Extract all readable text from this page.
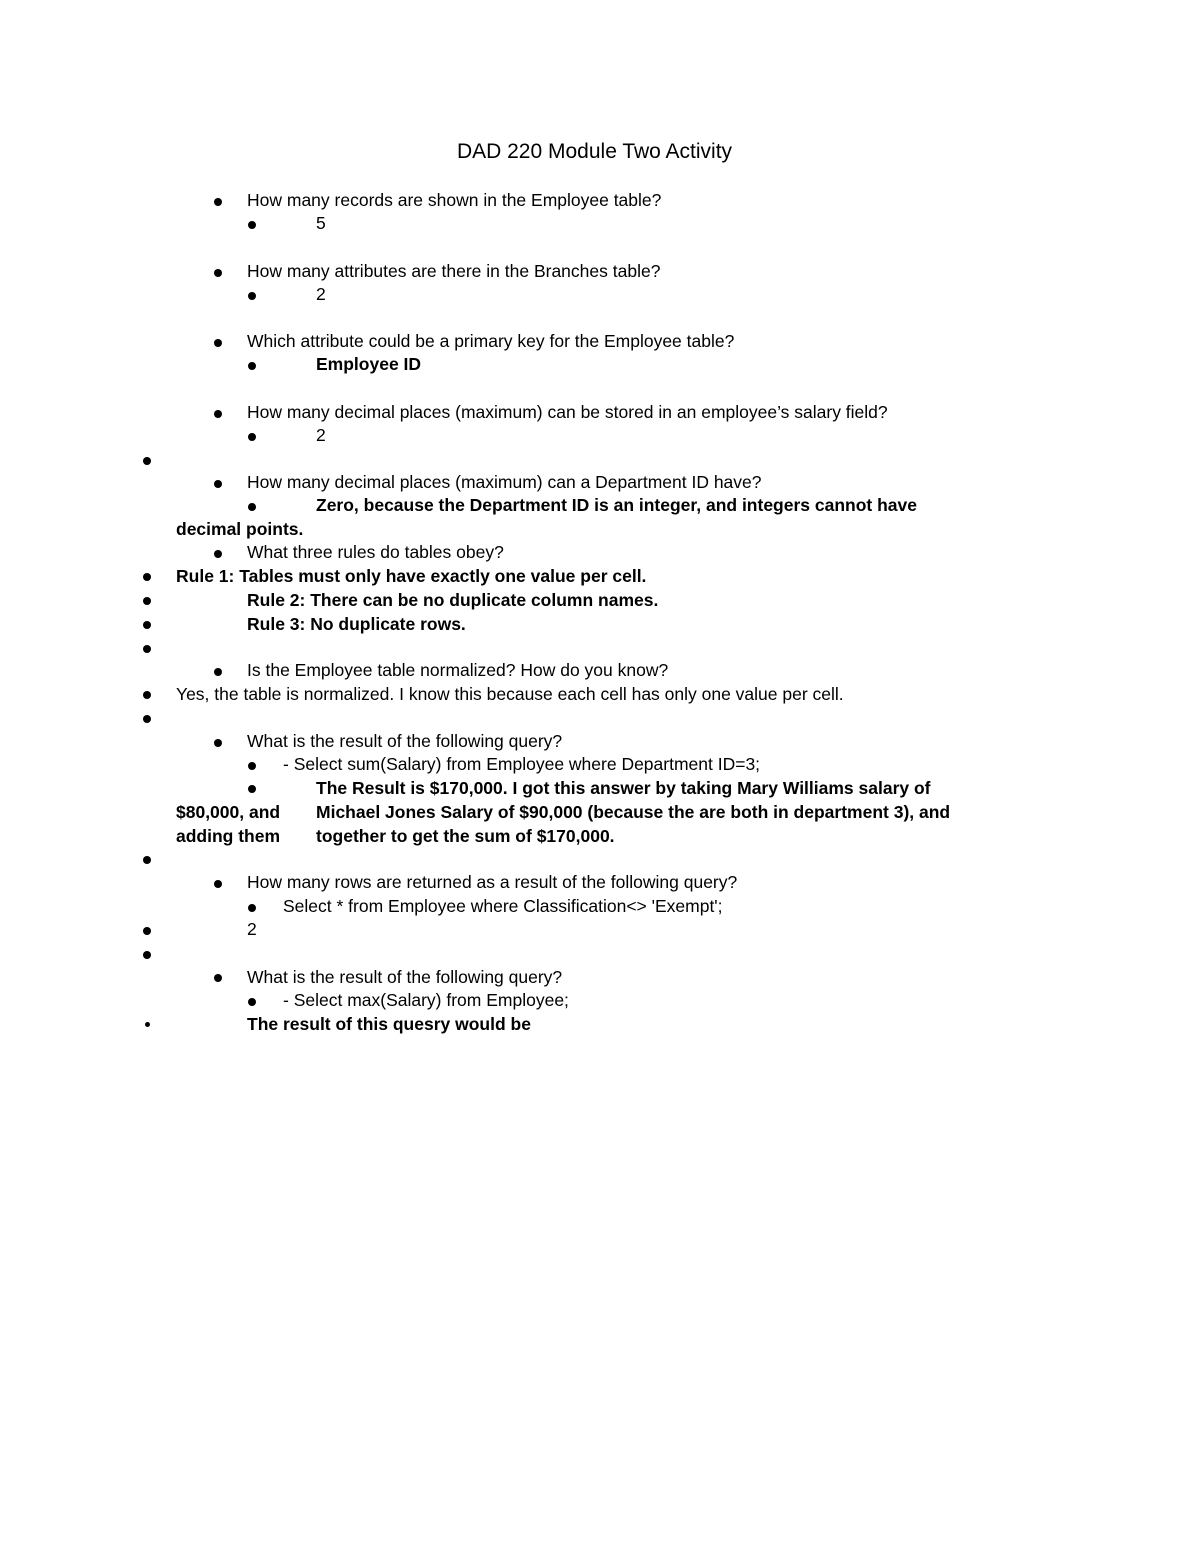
DAD 220 Module Two Activity
How many records are shown in the Employee table?
5
How many attributes are there in the Branches table?
2
Which attribute could be a primary key for the Employee table?
Employee ID
How many decimal places (maximum) can be stored in an employee’s salary field?
2
How many decimal places (maximum) can a Department ID have?
Zero, because the Department ID is an integer, and integers cannot have
decimal points.
What three rules do tables obey?
Rule 1: Tables must only have exactly one value per cell.
Rule 2: There can be no duplicate column names.
Rule 3: No duplicate rows.
Is the Employee table normalized? How do you know?
Yes, the table is normalized. I know this because each cell has only one value per cell.
What is the result of the following query?
- Select sum(Salary) from Employee where Department ID=3;
The Result is $170,000. I got this answer by taking Mary Williams salary of
$80,000, and Michael Jones Salary of $90,000 (because the are both in department 3), and
adding them together to get the sum of $170,000.
How many rows are returned as a result of the following query?
Select * from Employee where Classification<> 'Exempt';
2
What is the result of the following query?
- Select max(Salary) from Employee;
The result of this quesry would be
